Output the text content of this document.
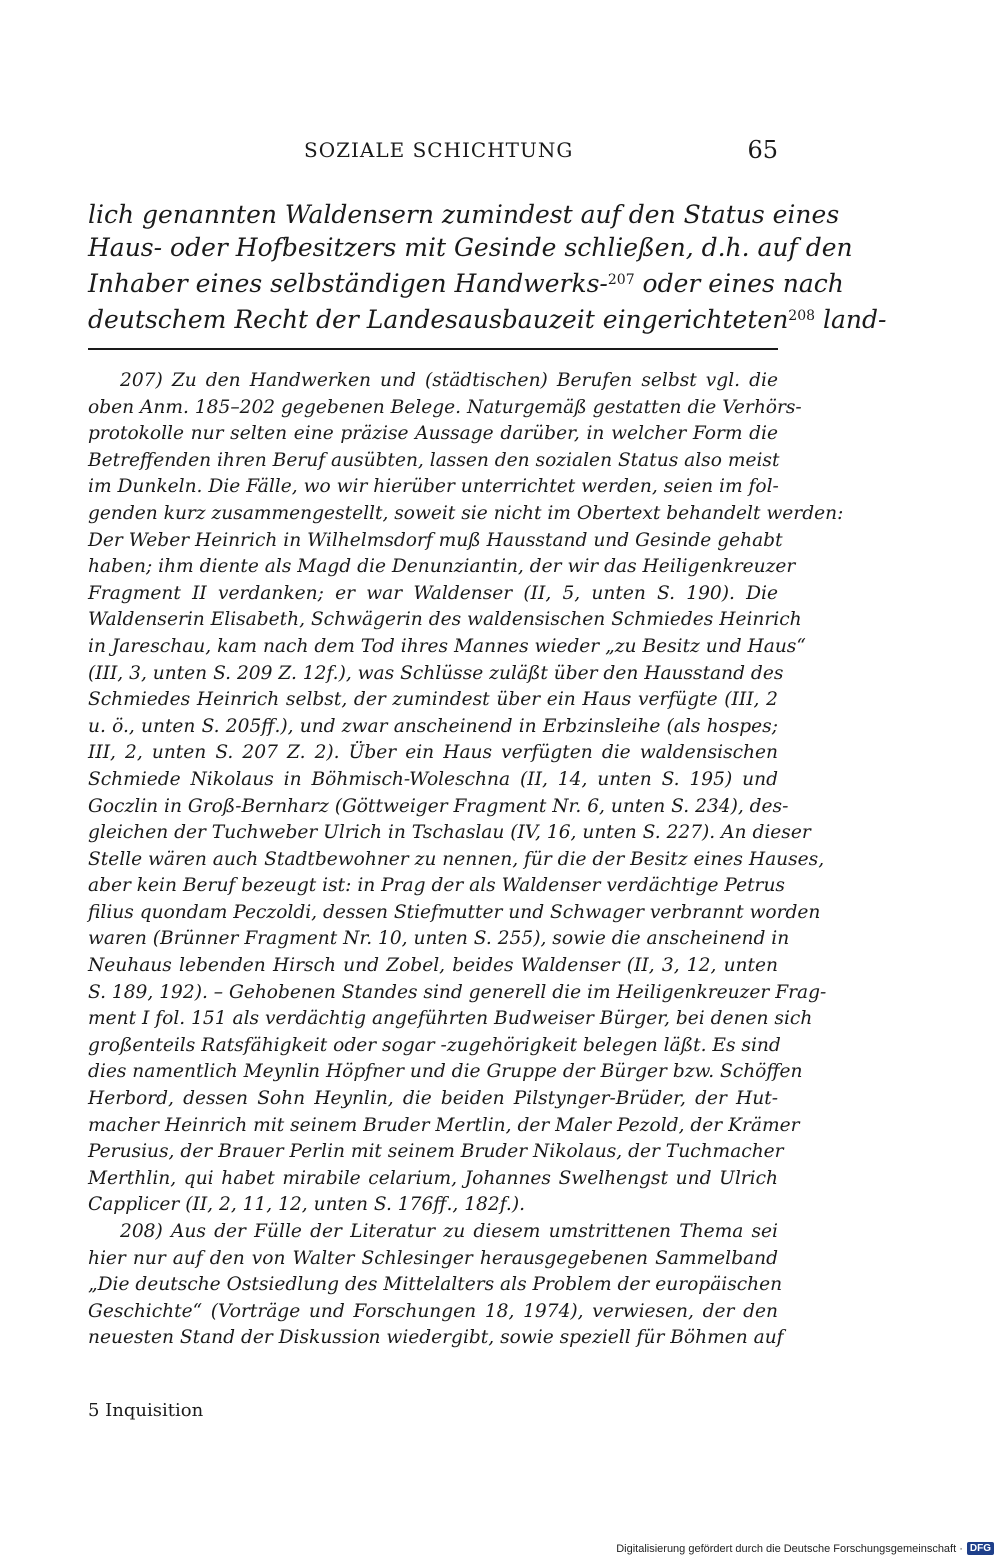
SOZIALE SCHICHTUNG	65
lich genannten Waldensern zumindest auf den Status eines
Haus- oder Hofbesitzers mit Gesinde schließen, d.h. auf den
Inhaber eines selbständigen Handwerks-$^{207}$ oder eines nach
deutschem Recht der Landesausbauzeit eingerichteten$^{208}$ land-
207) Zu den Handwerken und (städtischen) Berufen selbst vgl. die
oben Anm. 185–202 gegebenen Belege. Naturgemäß gestatten die Verhörs-
protokolle nur selten eine präzise Aussage darüber, in welcher Form die
Betreffenden ihren Beruf ausübten, lassen den sozialen Status also meist
im Dunkeln. Die Fälle, wo wir hierüber unterrichtet werden, seien im fol-
genden kurz zusammengestellt, soweit sie nicht im Obertext behandelt werden:
Der Weber Heinrich in Wilhelmsdorf muß Hausstand und Gesinde gehabt
haben; ihm diente als Magd die Denunziantin, der wir das Heiligenkreuzer
Fragment II verdanken; er war Waldenser (II, 5, unten S. 190). Die
Waldenserin Elisabeth, Schwägerin des waldensischen Schmiedes Heinrich
in Jareschau, kam nach dem Tod ihres Mannes wieder „zu Besitz und Haus“
(III, 3, unten S. 209 Z. 12f.), was Schlüsse zuläßt über den Hausstand des
Schmiedes Heinrich selbst, der zumindest über ein Haus verfügte (III, 2
u. ö., unten S. 205ff.), und zwar anscheinend in Erbzinsleihe (als hospes;
III, 2, unten S. 207 Z. 2). Über ein Haus verfügten die waldensischen
Schmiede Nikolaus in Böhmisch-Woleschna (II, 14, unten S. 195) und
Goczlin in Groß-Bernharz (Göttweiger Fragment Nr. 6, unten S. 234), des-
gleichen der Tuchweber Ulrich in Tschaslau (IV, 16, unten S. 227). An dieser
Stelle wären auch Stadtbewohner zu nennen, für die der Besitz eines Hauses,
aber kein Beruf bezeugt ist: in Prag der als Waldenser verdächtige Petrus
filius quondam Peczoldi, dessen Stiefmutter und Schwager verbrannt worden
waren (Brünner Fragment Nr. 10, unten S. 255), sowie die anscheinend in
Neuhaus lebenden Hirsch und Zobel, beides Waldenser (II, 3, 12, unten
S. 189, 192). – Gehobenen Standes sind generell die im Heiligenkreuzer Frag-
ment I fol. 151 als verdächtig angeführten Budweiser Bürger, bei denen sich
großenteils Ratsfähigkeit oder sogar -zugehörigkeit belegen läßt. Es sind
dies namentlich Meynlin Höpfner und die Gruppe der Bürger bzw. Schöffen
Herbord, dessen Sohn Heynlin, die beiden Pilstynger-Brüder, der Hut-
macher Heinrich mit seinem Bruder Mertlin, der Maler Pezold, der Krämer
Perusius, der Brauer Perlin mit seinem Bruder Nikolaus, der Tuchmacher
Merthlin, qui habet mirabile celarium, Johannes Swelhengst und Ulrich
Capplicer (II, 2, 11, 12, unten S. 176ff., 182f.).
208) Aus der Fülle der Literatur zu diesem umstrittenen Thema sei
hier nur auf den von Walter Schlesinger herausgegebenen Sammelband
„Die deutsche Ostsiedlung des Mittelalters als Problem der europäischen
Geschichte“ (Vorträge und Forschungen 18, 1974), verwiesen, der den
neuesten Stand der Diskussion wiedergibt, sowie speziell für Böhmen auf
5 Inquisition
Digitalisierung gefördert durch die Deutsche Forschungsgemeinschaft · DFG
